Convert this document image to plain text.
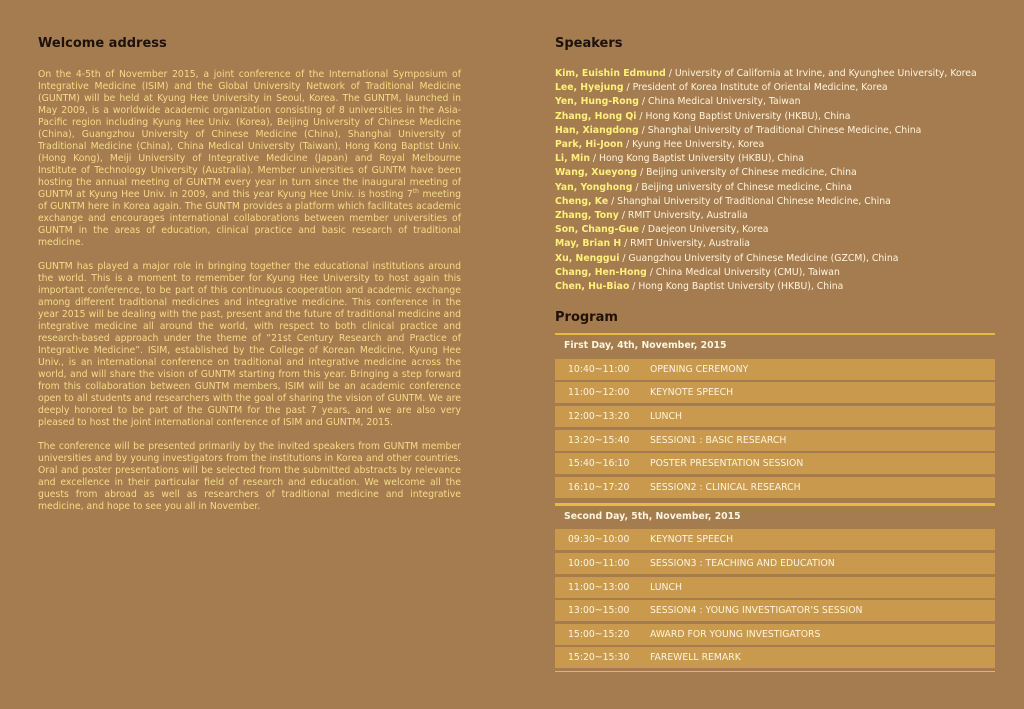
Welcome address

On the 4-5th of November 2015, a joint conference of the International Symposium of Integrative Medicine (ISIM) and the Global University Network of Traditional Medicine (GUNTM) will be held at Kyung Hee University in Seoul, Korea. The GUNTM, launched in May 2009, is a worldwide academic organization consisting of 8 universities in the Asia-Pacific region including Kyung Hee Univ. (Korea), Beijing University of Chinese Medicine (China), Guangzhou University of Chinese Medicine (China), Shanghai University of Traditional Medicine (China), China Medical University (Taiwan), Hong Kong Baptist Univ.(Hong Kong), Meiji University of Integrative Medicine (Japan) and Royal Melbourne Institute of Technology University (Australia). Member universities of GUNTM have been hosting the annual meeting of GUNTM every year in turn since the inaugural meeting of GUNTM at Kyung Hee Univ. in 2009, and this year Kyung Hee Univ. is hosting 7th meeting of GUNTM here in Korea again. The GUNTM provides a platform which facilitates academic exchange and encourages international collaborations between member universities of GUNTM in the areas of education, clinical practice and basic research of traditional medicine.

GUNTM has played a major role in bringing together the educational institutions around the world. This is a moment to remember for Kyung Hee University to host again this important conference, to be part of this continuous cooperation and academic exchange among different traditional medicines and integrative medicine. This conference in the year 2015 will be dealing with the past, present and the future of traditional medicine and integrative medicine all around the world, with respect to both clinical practice and research-based approach under the theme of “21st Century Research and Practice of Integrative Medicine”. ISIM, established by the College of Korean Medicine, Kyung Hee Univ., is an international conference on traditional and integrative medicine across the world, and will share the vision of GUNTM starting from this year. Bringing a step forward from this collaboration between GUNTM members, ISIM will be an academic conference open to all students and researchers with the goal of sharing the vision of GUNTM. We are deeply honored to be part of the GUNTM for the past 7 years, and we are also very pleased to host the joint international conference of ISIM and GUNTM, 2015.

The conference will be presented primarily by the invited speakers from GUNTM member universities and by young investigators from the institutions in Korea and other countries. Oral and poster presentations will be selected from the submitted abstracts by relevance and excellence in their particular field of research and education. We welcome all the guests from abroad as well as researchers of traditional medicine and integrative medicine, and hope to see you all in November.

Speakers
Kim, Euishin Edmund / University of California at Irvine, and Kyunghee University, Korea
Lee, Hyejung / President of Korea Institute of Oriental Medicine, Korea
Yen, Hung-Rong / China Medical University, Taiwan
Zhang, Hong Qi / Hong Kong Baptist University (HKBU), China
Han, Xiangdong / Shanghai University of Traditional Chinese Medicine, China
Park, Hi-Joon / Kyung Hee University, Korea
Li, Min / Hong Kong Baptist University (HKBU), China
Wang, Xueyong / Beijing university of Chinese medicine, China
Yan, Yonghong / Beijing university of Chinese medicine, China
Cheng, Ke / Shanghai University of Traditional Chinese Medicine, China
Zhang, Tony / RMIT University, Australia
Son, Chang-Gue / Daejeon University, Korea
May, Brian H / RMIT University, Australia
Xu, Nenggui / Guangzhou University of Chinese Medicine (GZCM), China
Chang, Hen-Hong / China Medical University (CMU), Taiwan
Chen, Hu-Biao / Hong Kong Baptist University (HKBU), China
Program
First Day, 4th, November, 2015
10:40~11:00	OPENING CEREMONY
11:00~12:00	KEYNOTE SPEECH
12:00~13:20	LUNCH
13:20~15:40	SESSION1 : BASIC RESEARCH
15:40~16:10	POSTER PRESENTATION SESSION
16:10~17:20	SESSION2 : CLINICAL RESEARCH
Second Day, 5th, November, 2015
09:30~10:00	KEYNOTE SPEECH
10:00~11:00	SESSION3 : TEACHING AND EDUCATION
11:00~13:00	LUNCH
13:00~15:00	SESSION4 : YOUNG INVESTIGATOR'S SESSION
15:00~15:20	AWARD FOR YOUNG INVESTIGATORS
15:20~15:30	FAREWELL REMARK
